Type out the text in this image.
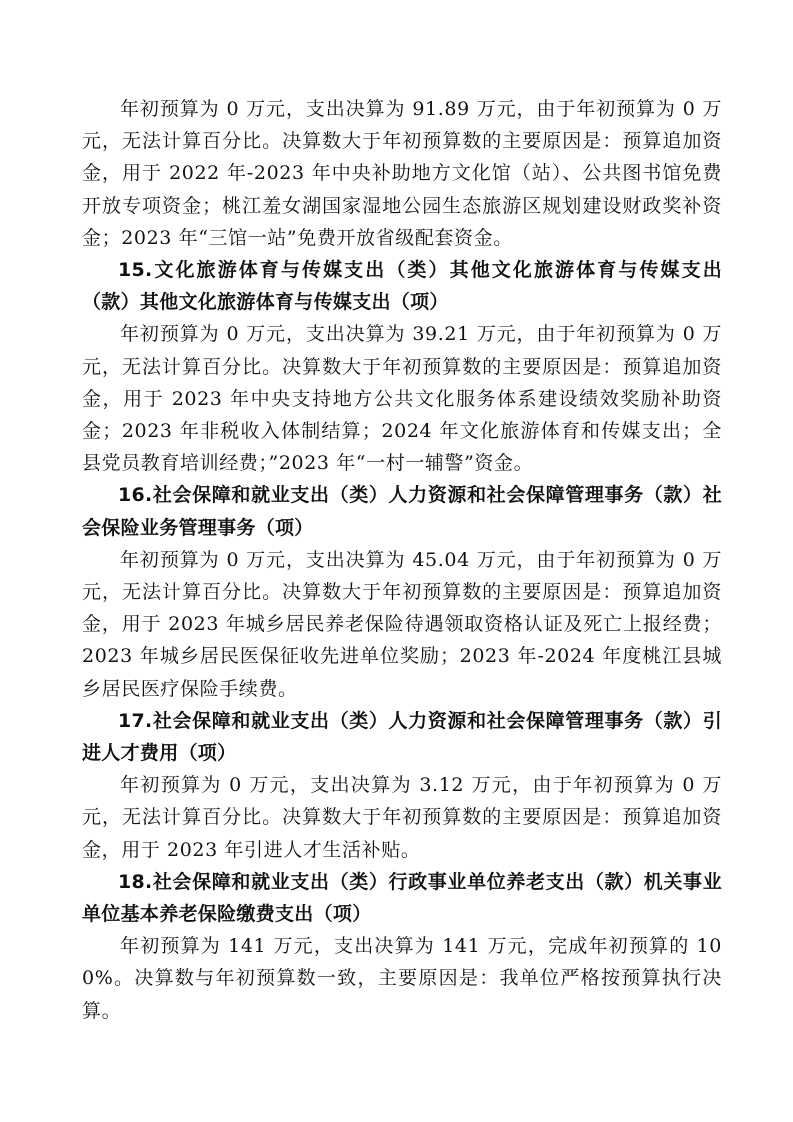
年初预算为 0 万元，支出决算为 91.89 万元，由于年初预算为 0 万元，无法计算百分比。决算数大于年初预算数的主要原因是：预算追加资金，用于 2022 年-2023 年中央补助地方文化馆（站）、公共图书馆免费开放专项资金；桃江羞女湖国家湿地公园生态旅游区规划建设财政奖补资金；2023 年“三馆一站”免费开放省级配套资金。

15.文化旅游体育与传媒支出（类）其他文化旅游体育与传媒支出（款）其他文化旅游体育与传媒支出（项）

年初预算为 0 万元，支出决算为 39.21 万元，由于年初预算为 0 万元，无法计算百分比。决算数大于年初预算数的主要原因是：预算追加资金，用于 2023 年中央支持地方公共文化服务体系建设绩效奖励补助资金；2023 年非税收入体制结算；2024 年文化旅游体育和传媒支出；全县党员教育培训经费；”2023 年“一村一辅警”资金。

16.社会保障和就业支出（类）人力资源和社会保障管理事务（款）社会保险业务管理事务（项）

年初预算为 0 万元，支出决算为 45.04 万元，由于年初预算为 0 万元，无法计算百分比。决算数大于年初预算数的主要原因是：预算追加资金，用于 2023 年城乡居民养老保险待遇领取资格认证及死亡上报经费；2023 年城乡居民医保征收先进单位奖励；2023 年-2024 年度桃江县城乡居民医疗保险手续费。

17.社会保障和就业支出（类）人力资源和社会保障管理事务（款）引进人才费用（项）

年初预算为 0 万元，支出决算为 3.12 万元，由于年初预算为 0 万元，无法计算百分比。决算数大于年初预算数的主要原因是：预算追加资金，用于 2023 年引进人才生活补贴。

18.社会保障和就业支出（类）行政事业单位养老支出（款）机关事业单位基本养老保险缴费支出（项）

年初预算为 141 万元，支出决算为 141 万元，完成年初预算的 100%。决算数与年初预算数一致，主要原因是：我单位严格按预算执行决算。
